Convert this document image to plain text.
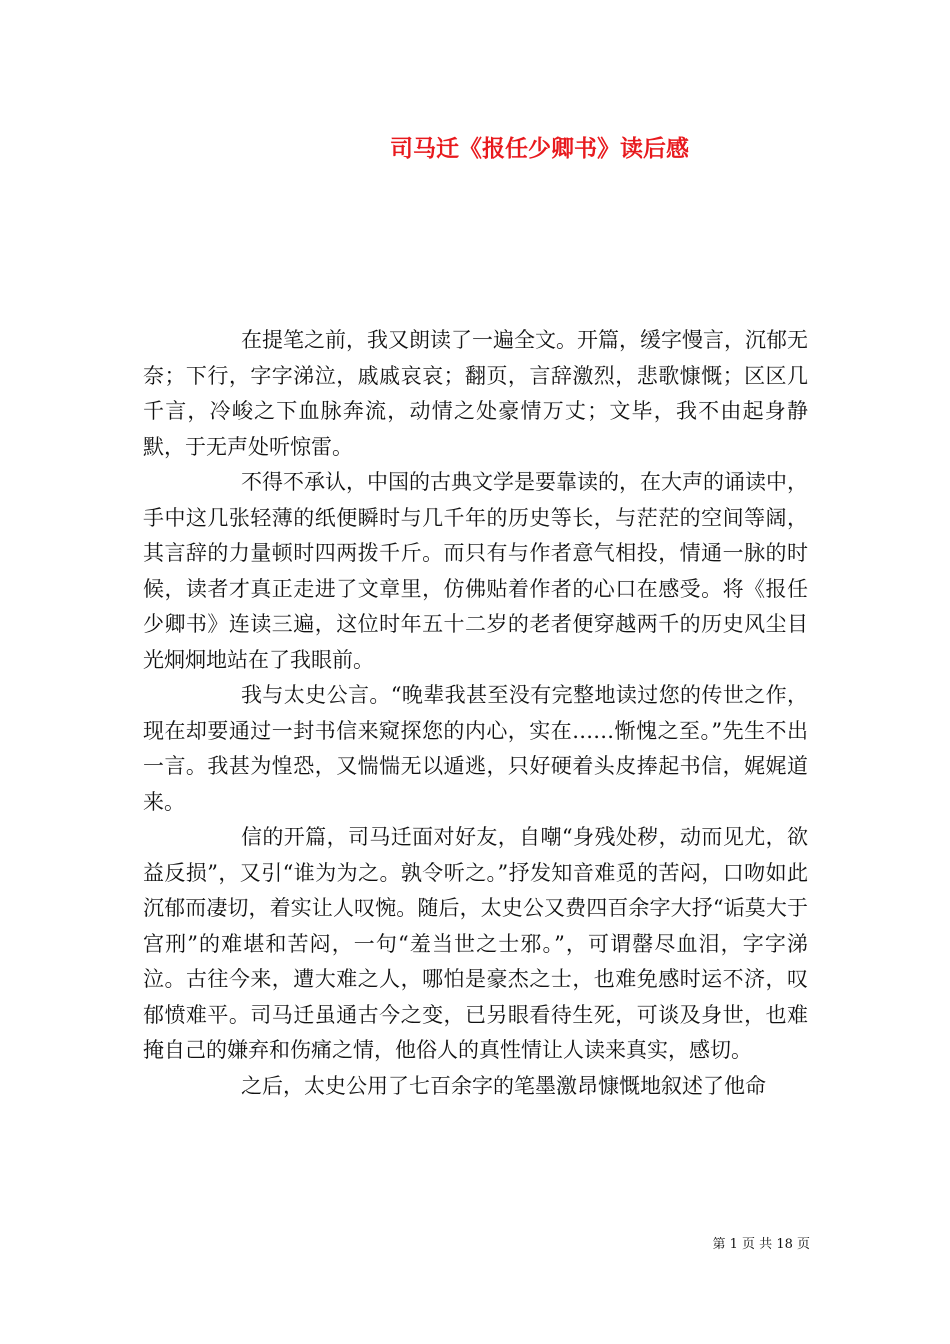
司马迁《报任少卿书》读后感

在提笔之前，我又朗读了一遍全文。开篇，缓字慢言，沉郁无奈；下行，字字涕泣，戚戚哀哀；翻页，言辞激烈，悲歌慷慨；区区几千言，冷峻之下血脉奔流，动情之处豪情万丈；文毕，我不由起身静默，于无声处听惊雷。

不得不承认，中国的古典文学是要靠读的，在大声的诵读中，手中这几张轻薄的纸便瞬时与几千年的历史等长，与茫茫的空间等阔，其言辞的力量顿时四两拨千斤。而只有与作者意气相投，情通一脉的时候，读者才真正走进了文章里，仿佛贴着作者的心口在感受。将《报任少卿书》连读三遍，这位时年五十二岁的老者便穿越两千的历史风尘目光炯炯地站在了我眼前。

我与太史公言。“晚辈我甚至没有完整地读过您的传世之作，现在却要通过一封书信来窥探您的内心，实在……惭愧之至。”先生不出一言。我甚为惶恐，又惴惴无以遁逃，只好硬着头皮捧起书信，娓娓道来。

信的开篇，司马迁面对好友，自嘲“身残处秽，动而见尤，欲益反损”，又引“谁为为之。孰令听之。”抒发知音难觅的苦闷，口吻如此沉郁而凄切，着实让人叹惋。随后，太史公又费四百余字大抒“诟莫大于宫刑”的难堪和苦闷，一句“羞当世之士邪。”，可谓罄尽血泪，字字涕泣。古往今来，遭大难之人，哪怕是豪杰之士，也难免感时运不济，叹郁愤难平。司马迁虽通古今之变，已另眼看待生死，可谈及身世，也难掩自己的嫌弃和伤痛之情，他俗人的真性情让人读来真实，感切。

之后，太史公用了七百余字的笔墨激昂慷慨地叙述了他命

第 1 页 共 18 页
